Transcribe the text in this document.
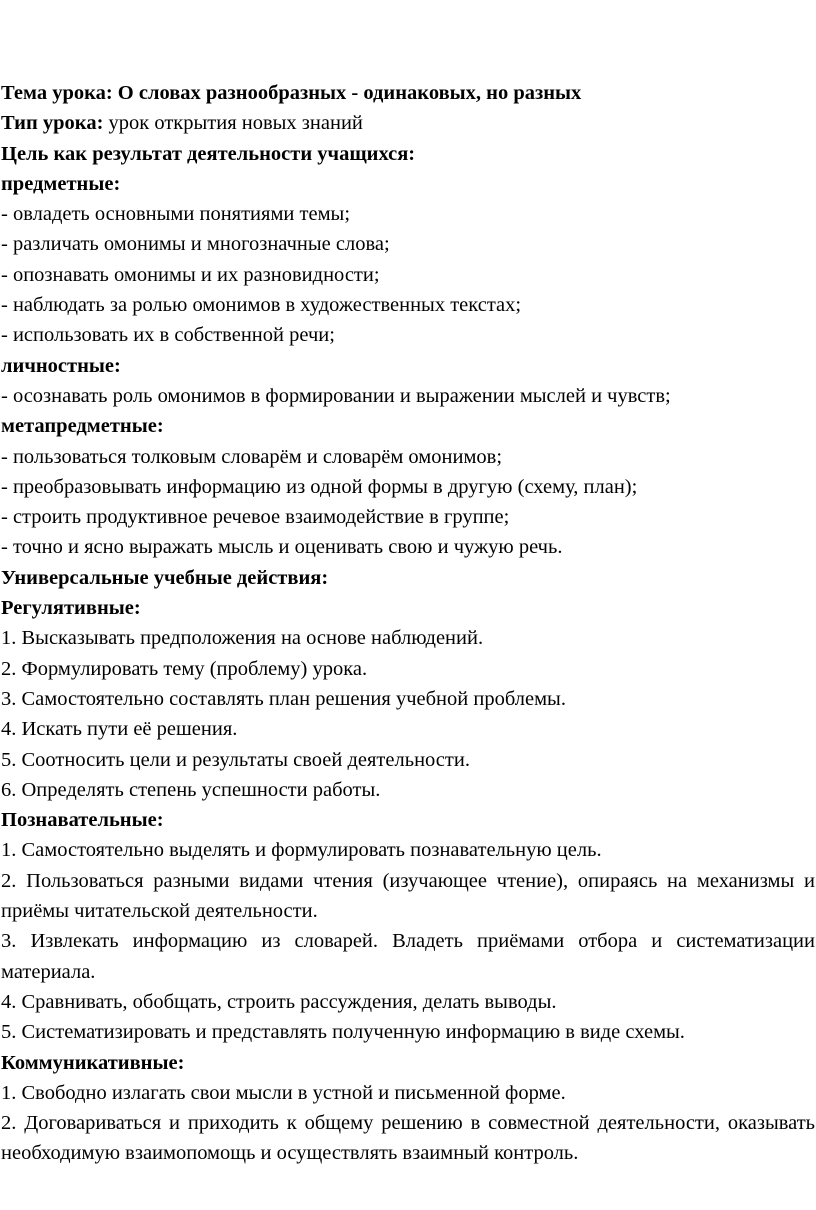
Тема урока: О словах разнообразных - одинаковых, но разных

Тип урока: урок открытия новых знаний

Цель как результат деятельности учащихся:

предметные:

- овладеть основными понятиями темы;

- различать омонимы и многозначные слова;

- опознавать омонимы и их разновидности;

- наблюдать за ролью омонимов в художественных текстах;

- использовать их в собственной речи;

личностные:

- осознавать роль омонимов в формировании и выражении мыслей и чувств;

метапредметные:

- пользоваться толковым словарём и словарём омонимов;

- преобразовывать информацию из одной формы в другую (схему, план);

- строить продуктивное речевое взаимодействие в группе;

- точно и ясно выражать мысль и оценивать свою и чужую речь.

Универсальные учебные действия:

Регулятивные:

1. Высказывать предположения на основе наблюдений.

2. Формулировать тему (проблему) урока.

3. Самостоятельно составлять план решения учебной проблемы.

4. Искать пути её решения.

5. Соотносить цели и результаты своей деятельности.

6. Определять степень успешности работы.

Познавательные:

1. Самостоятельно выделять и формулировать познавательную цель.

2. Пользоваться разными видами чтения (изучающее чтение), опираясь на механизмы и приёмы читательской деятельности.

3. Извлекать информацию из словарей. Владеть приёмами отбора и систематизации материала.

4. Сравнивать, обобщать, строить рассуждения, делать выводы.

5. Систематизировать и представлять полученную информацию в виде схемы.

Коммуникативные:

1. Свободно излагать свои мысли в устной и письменной форме.

2. Договариваться и приходить к общему решению в совместной деятельности, оказывать необходимую взаимопомощь и осуществлять взаимный контроль.
